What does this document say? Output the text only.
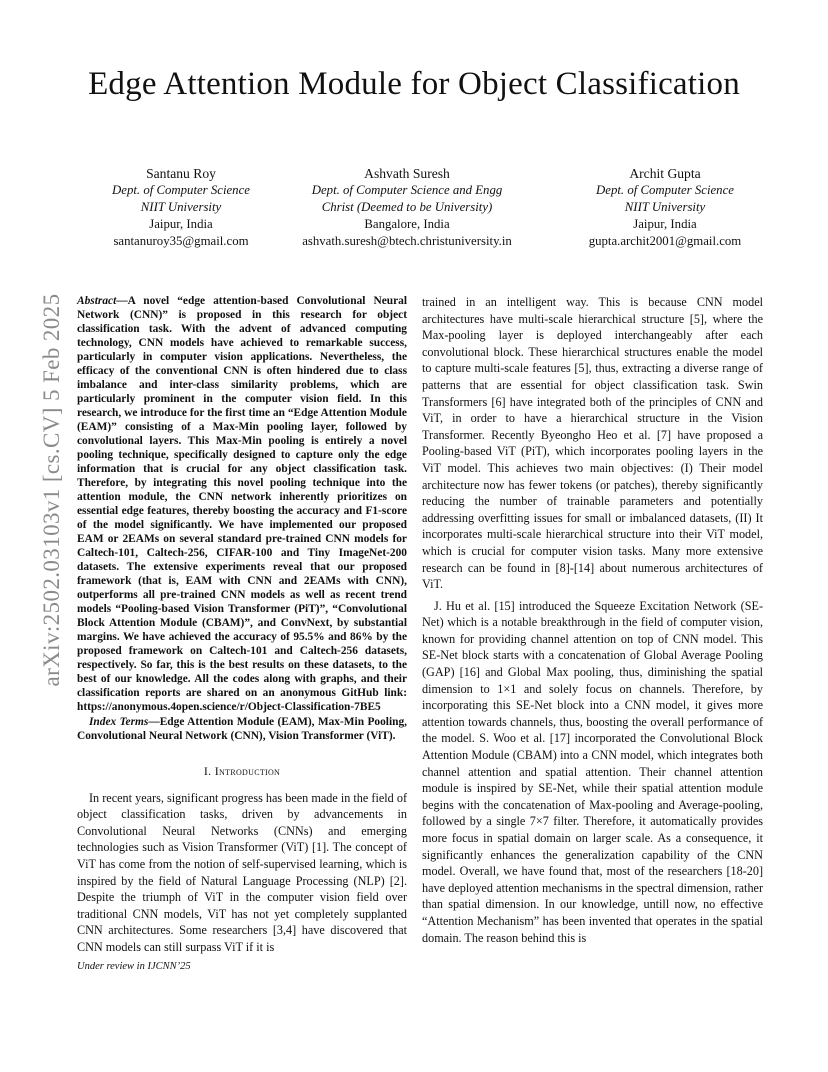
Edge Attention Module for Object Classification
Santanu Roy
Dept. of Computer Science
NIIT University
Jaipur, India
santanuroy35@gmail.com
Ashvath Suresh
Dept. of Computer Science and Engg
Christ (Deemed to be University)
Bangalore, India
ashvath.suresh@btech.christuniversity.in
Archit Gupta
Dept. of Computer Science
NIIT University
Jaipur, India
gupta.archit2001@gmail.com
arXiv:2502.03103v1 [cs.CV] 5 Feb 2025 Abstract—A novel “edge attention-based Convolutional Neural Network (CNN)” is proposed in this research for object classification task. With the advent of advanced computing technology, CNN models have achieved to remarkable success, particularly in computer vision applications. Nevertheless, the efficacy of the conventional CNN is often hindered due to class imbalance and inter-class similarity problems, which are particularly prominent in the computer vision field. In this research, we introduce for the first time an “Edge Attention Module (EAM)” consisting of a Max-Min pooling layer, followed by convolutional layers. This Max-Min pooling is entirely a novel pooling technique, specifically designed to capture only the edge information that is crucial for any object classification task. Therefore, by integrating this novel pooling technique into the attention module, the CNN network inherently prioritizes on essential edge features, thereby boosting the accuracy and F1-score of the model significantly. We have implemented our proposed EAM or 2EAMs on several standard pre-trained CNN models for Caltech-101, Caltech-256, CIFAR-100 and Tiny ImageNet-200 datasets. The extensive experiments reveal that our proposed framework (that is, EAM with CNN and 2EAMs with CNN), outperforms all pre-trained CNN models as well as recent trend models “Pooling-based Vision Transformer (PiT)”, “Convolutional Block Attention Module (CBAM)”, and ConvNext, by substantial margins. We have achieved the accuracy of 95.5% and 86% by the proposed framework on Caltech-101 and Caltech-256 datasets, respectively. So far, this is the best results on these datasets, to the best of our knowledge. All the codes along with graphs, and their classification reports are shared on an anonymous GitHub link: https://anonymous.4open.science/r/Object-Classification-7BE5
Index Terms—Edge Attention Module (EAM), Max-Min Pooling, Convolutional Neural Network (CNN), Vision Transformer (ViT).
I. Introduction

In recent years, significant progress has been made in the field of object classification tasks, driven by advancements in Convolutional Neural Networks (CNNs) and emerging technologies such as Vision Transformer (ViT) [1]. The concept of ViT has come from the notion of self-supervised learning, which is inspired by the field of Natural Language Processing (NLP) [2]. Despite the triumph of ViT in the computer vision field over traditional CNN models, ViT has not yet completely supplanted CNN architectures. Some researchers [3,4] have discovered that CNN models can still surpass ViT if it is

trained in an intelligent way. This is because CNN model architectures have multi-scale hierarchical structure [5], where the Max-pooling layer is deployed interchangeably after each convolutional block. These hierarchical structures enable the model to capture multi-scale features [5], thus, extracting a diverse range of patterns that are essential for object classification task. Swin Transformers [6] have integrated both of the principles of CNN and ViT, in order to have a hierarchical structure in the Vision Transformer. Recently Byeongho Heo et al. [7] have proposed a Pooling-based ViT (PiT), which incorporates pooling layers in the ViT model. This achieves two main objectives: (I) Their model architecture now has fewer tokens (or patches), thereby significantly reducing the number of trainable parameters and potentially addressing overfitting issues for small or imbalanced datasets, (II) It incorporates multi-scale hierarchical structure into their ViT model, which is crucial for computer vision tasks. Many more extensive research can be found in [8]-[14] about numerous architectures of ViT.

J. Hu et al. [15] introduced the Squeeze Excitation Network (SE-Net) which is a notable breakthrough in the field of computer vision, known for providing channel attention on top of CNN model. This SE-Net block starts with a concatenation of Global Average Pooling (GAP) [16] and Global Max pooling, thus, diminishing the spatial dimension to 1×1 and solely focus on channels. Therefore, by incorporating this SE-Net block into a CNN model, it gives more attention towards channels, thus, boosting the overall performance of the model. S. Woo et al. [17] incorporated the Convolutional Block Attention Module (CBAM) into a CNN model, which integrates both channel attention and spatial attention. Their channel attention module is inspired by SE-Net, while their spatial attention module begins with the concatenation of Max-pooling and Average-pooling, followed by a single 7×7 filter. Therefore, it automatically provides more focus in spatial domain on larger scale. As a consequence, it significantly enhances the generalization capability of the CNN model. Overall, we have found that, most of the researchers [18-20] have deployed attention mechanisms in the spectral dimension, rather than spatial dimension. In our knowledge, untill now, no effective “Attention Mechanism” has been invented that operates in the spatial domain. The reason behind this is

Under review in IJCNN’25
